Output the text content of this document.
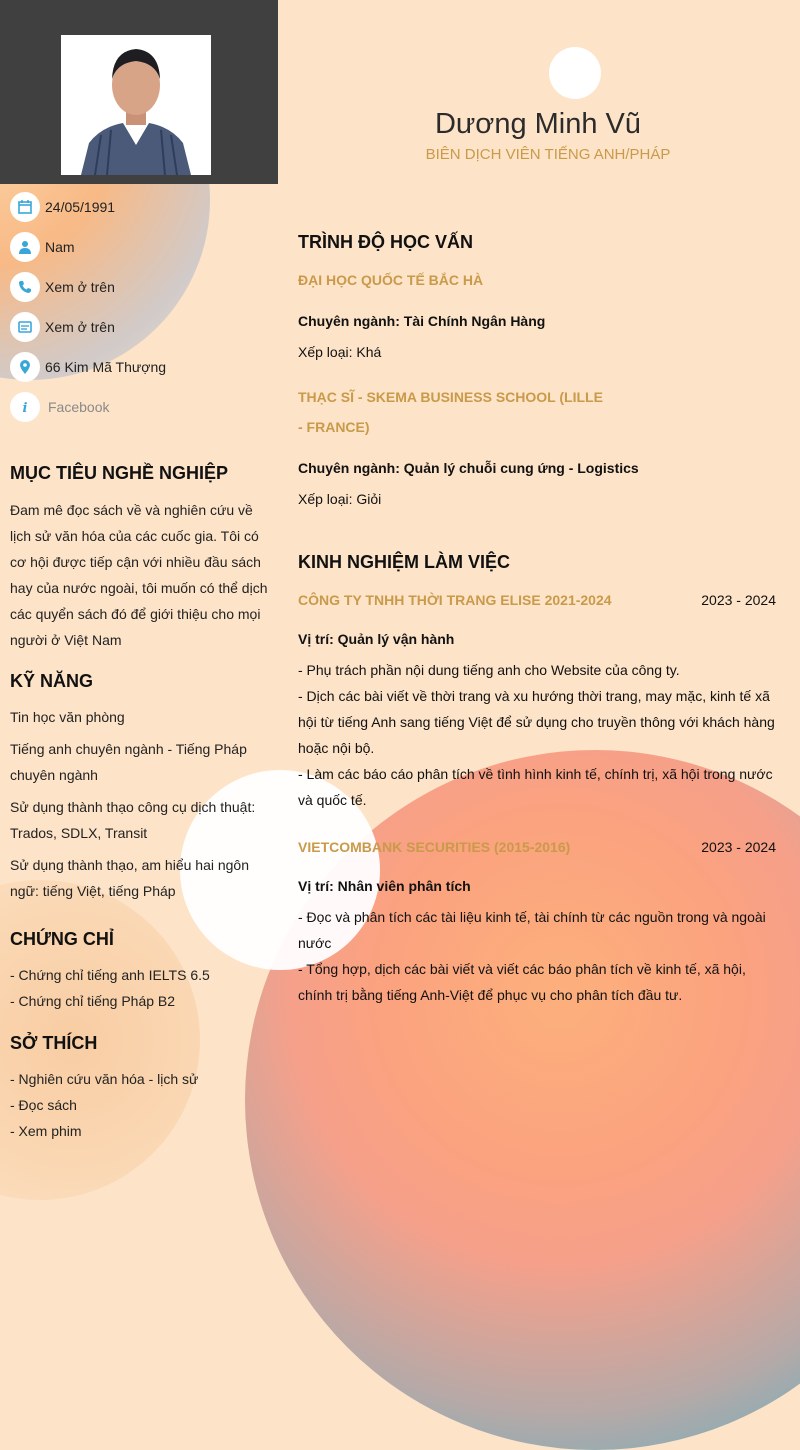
Dương Minh Vũ
BIÊN DỊCH VIÊN TIẾNG ANH/PHÁP
24/05/1991
Nam
Xem ở trên
Xem ở trên
66 Kim Mã Thượng
i Facebook
MỤC TIÊU NGHỀ NGHIỆP
Đam mê đọc sách về và nghiên cứu về lịch sử văn hóa của các cuốc gia. Tôi có cơ hội được tiếp cận với nhiều đầu sách hay của nước ngoài, tôi muốn có thể dịch các quyển sách đó để giới thiệu cho mọi người ở Việt Nam
KỸ NĂNG

Tin học văn phòng

Tiếng anh chuyên ngành - Tiếng Pháp chuyên ngành

Sử dụng thành thạo công cụ dịch thuật: Trados, SDLX, Transit

Sử dụng thành thạo, am hiểu hai ngôn ngữ: tiếng Việt, tiếng Pháp

CHỨNG CHỈ

- Chứng chỉ tiếng anh IELTS 6.5

- Chứng chỉ tiếng Pháp B2

SỞ THÍCH

- Nghiên cứu văn hóa - lịch sử

- Đọc sách

- Xem phim

TRÌNH ĐỘ HỌC VẤN
ĐẠI HỌC QUỐC TẾ BẮC HÀ
Chuyên ngành: Tài Chính Ngân Hàng
Xếp loại: Khá
THẠC SĨ - SKEMA BUSINESS SCHOOL (LILLE - FRANCE)
Chuyên ngành: Quản lý chuỗi cung ứng - Logistics
Xếp loại: Giỏi
KINH NGHIỆM LÀM VIỆC
CÔNG TY TNHH THỜI TRANG ELISE 2021-2024	2023 - 2024
Vị trí: Quản lý vận hành
- Phụ trách phần nội dung tiếng anh cho Website của công ty.
- Dịch các bài viết về thời trang và xu hướng thời trang, may mặc, kinh tế xã hội từ tiếng Anh sang tiếng Việt để sử dụng cho truyền thông với khách hàng hoặc nội bộ.
- Làm các báo cáo phân tích về tình hình kinh tế, chính trị, xã hội trong nước và quốc tế.
VIETCOMBANK SECURITIES (2015-2016)	2023 - 2024
Vị trí: Nhân viên phân tích
- Đọc và phân tích các tài liệu kinh tế, tài chính từ các nguồn trong và ngoài nước
- Tổng hợp, dịch các bài viết và viết các báo phân tích về kinh tế, xã hội, chính trị bằng tiếng Anh-Việt để phục vụ cho phân tích đầu tư.
